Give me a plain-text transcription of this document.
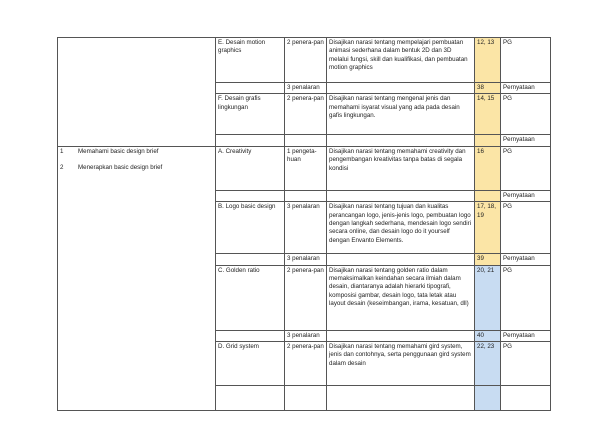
	E. Desain motion graphics	2 penera-pan	Disajikan narasi tentang mempelajari pembuatan animasi sederhana dalam bentuk 2D dan 3D melalui fungsi, skill dan kualifikasi, dan pembuatan motion graphics	12, 13	PG
		3 penalaran		38	Pernyataan
	F. Desain grafis lingkungan	2 penera-pan	Disajikan narasi tentang mengenal jenis dan memahami isyarat visual yang ada pada desain gafis lingkungan.	14, 15	PG
					Pernyataan

1 Memahami basic design brief
2 Menerapkan basic design brief	A. Creativity	1 pengeta-huan	Disajikan narasi tentang memahami creativity dan pengembangan kreativitas tanpa batas di segala kondisi	16	PG
					Pernyataan
	B. Logo basic design	3 penalaran	Disajikan narasi tentang tujuan dan kualitas perancangan logo, jenis-jenis logo, pembuatan logo dengan langkah sederhana, mendesain logo sendiri secara online, dan desain logo do it yourself dengan Envanto Elements.	17, 18, 19	PG
		3 penalaran		39	Pernyataan
	C. Golden ratio	2 penera-pan	Disajikan narasi tentang golden ratio dalam memaksimalkan keindahan secara ilmiah dalam desain, diantaranya adalah hierarki tipografi, komposisi gambar, desain logo, tata letak atau layout desain (keseimbangan, irama, kesatuan, dll)	20, 21	PG
		3 penalaran		40	Pernyataan
	D. Grid system	2 penera-pan	Disajikan narasi tentang memahami gird system, jenis dan contohnya, serta penggunaan gird system dalam desain	22, 23	PG
